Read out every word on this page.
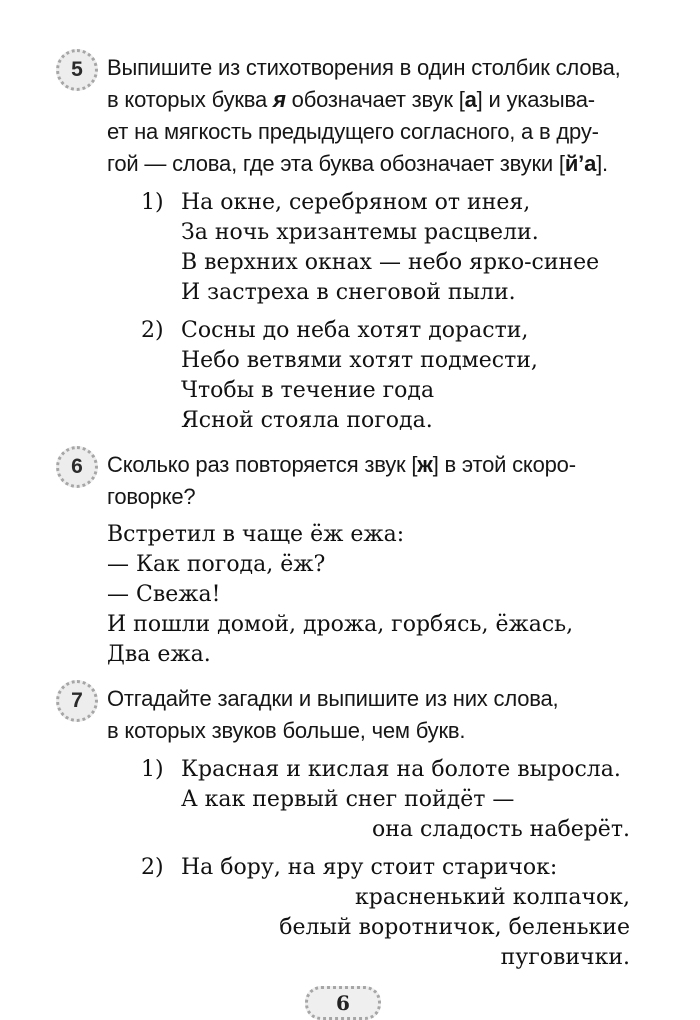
5 Выпишите из стихотворения в один столбик слова,
в которых буква я обозначает звук [а] и указыва-
ет на мягкость предыдущего согласного, а в дру-
гой — слова, где эта буква обозначает звуки [й’а].
1) На окне, серебряном от инея,
За ночь хризантемы расцвели.
В верхних окнах — небо ярко-синее
И застреха в снеговой пыли.
2) Сосны до неба хотят дорасти,
Небо ветвями хотят подмести,
Чтобы в течение года
Ясной стояла погода.
6 Сколько раз повторяется звук [ж] в этой скоро-
говорке?
Встретил в чаще ёж ежа:
— Как погода, ёж?
— Свежа!
И пошли домой, дрожа, горбясь, ёжась,
Два ежа.
7 Отгадайте загадки и выпишите из них слова,
в которых звуков больше, чем букв.
1) Красная и кислая на болоте выросла.
А как первый снег пойдёт —
она сладость наберёт.
2) На бору, на яру стоит старичок:
красненький колпачок,
белый воротничок, беленькие пуговички.
6
